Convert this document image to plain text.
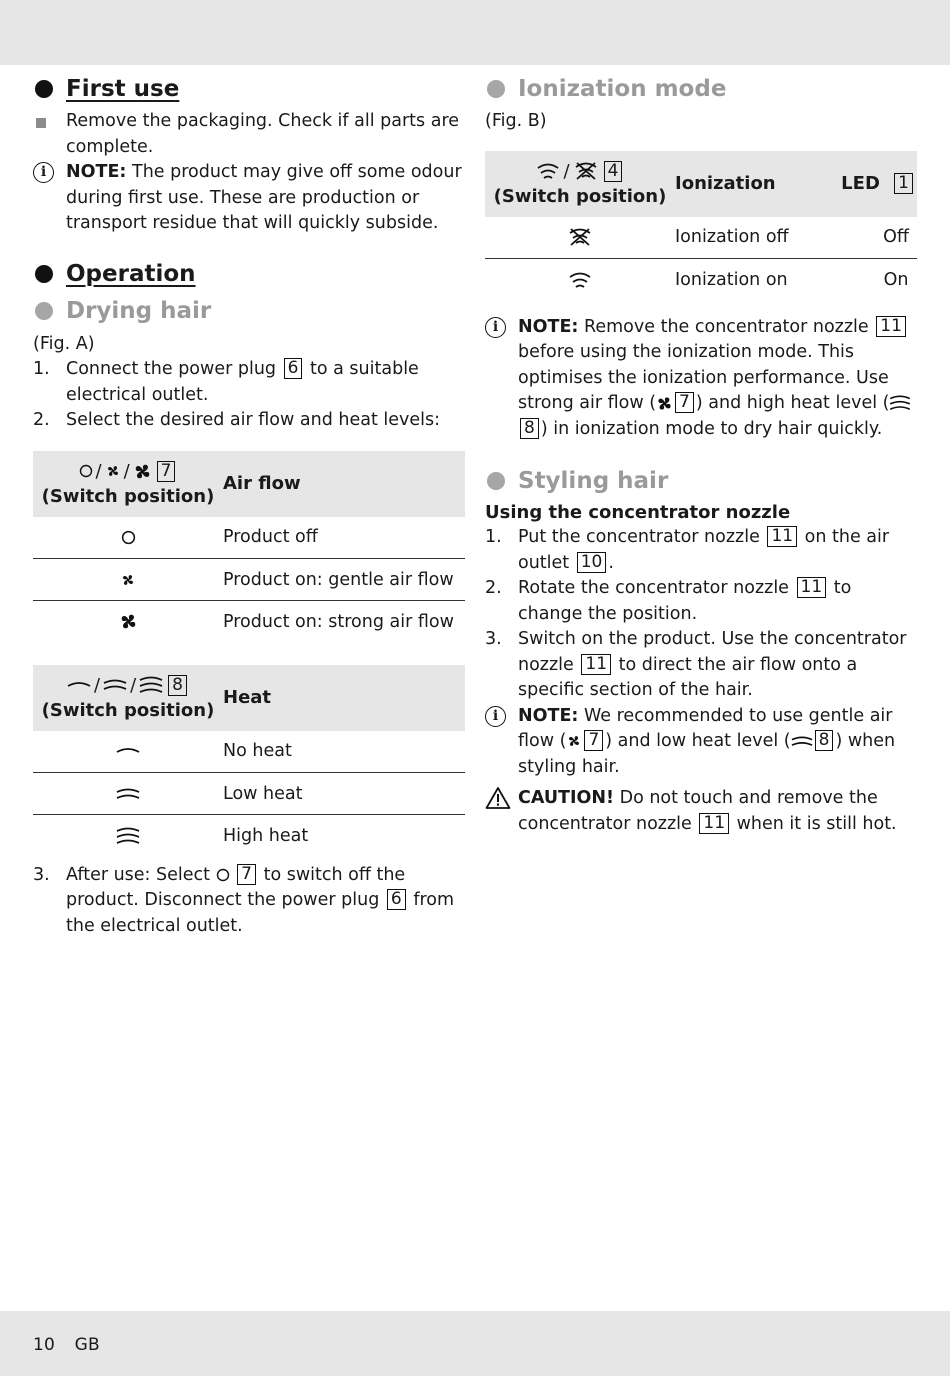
First use
Remove the packaging. Check if all parts are complete.
i	NOTE: The product may give off some odour during first use. These are production or transport residue that will quickly subside.
Operation
Drying hair

(Fig. A)

1. Connect the power plug 6 to a suitable electrical outlet.
2. Select the desired air flow and heat levels:
/ / 7
(Switch position)	Air flow
	Product off
	Product on: gentle air flow
	Product on: strong air flow
/ / 8
(Switch position)	Heat
	No heat
	Low heat
	High heat
3. After use: Select 7 to switch off the product. Disconnect the power plug 6 from the electrical outlet.
Ionization mode

(Fig. B)

/ 4
(Switch position)	Ionization	LED 1
	Ionization off	Off
	Ionization on	On
i	NOTE: Remove the concentrator nozzle 11 before using the ionization mode. This optimises the ionization performance. Use strong air flow ( 7 ) and high heat level (8 ) in ionization mode to dry hair quickly.
Styling hair
Using the concentrator nozzle
1. Put the concentrator nozzle 11 on the air outlet 10 .
2. Rotate the concentrator nozzle 11 to change the position.
3. Switch on the product. Use the concentrator nozzle 11 to direct the air flow onto a specific section of the hair.
i	NOTE: We recommended to use gentle air flow ( 7 ) and low heat level ( 8 ) when styling hair.
CAUTION! Do not touch and remove the concentrator nozzle 11 when it is still hot.
10 GB
